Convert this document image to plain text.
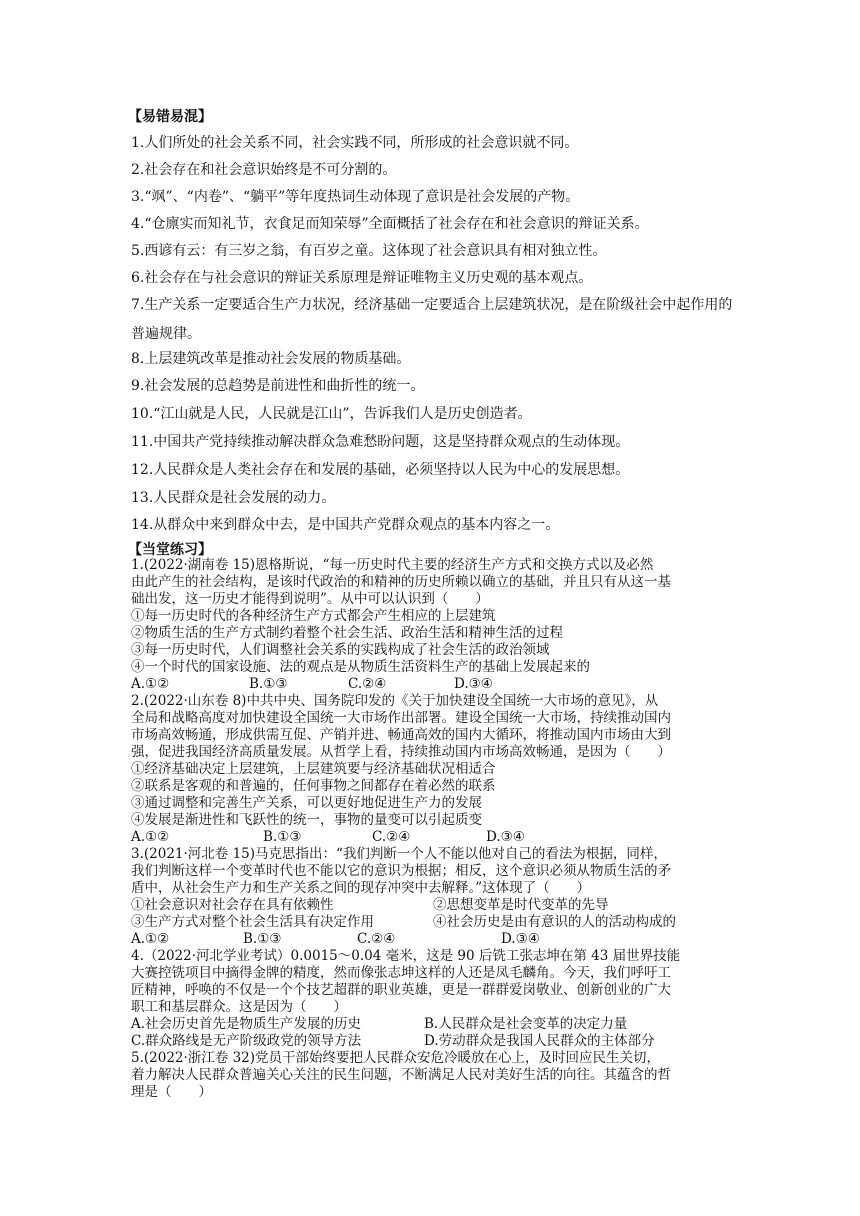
【易错易混】
1.人们所处的社会关系不同，社会实践不同，所形成的社会意识就不同。
2.社会存在和社会意识始终是不可分割的。
3.“飒”、“内卷”、“躺平”等年度热词生动体现了意识是社会发展的产物。
4.“仓廪实而知礼节，衣食足而知荣辱”全面概括了社会存在和社会意识的辩证关系。
5.西谚有云：有三岁之翁，有百岁之童。这体现了社会意识具有相对独立性。
6.社会存在与社会意识的辩证关系原理是辩证唯物主义历史观的基本观点。
7.生产关系一定要适合生产力状况，经济基础一定要适合上层建筑状况，是在阶级社会中起作用的普遍规律。
8.上层建筑改革是推动社会发展的物质基础。
9.社会发展的总趋势是前进性和曲折性的统一。
10.“江山就是人民，人民就是江山”，告诉我们人是历史创造者。
11.中国共产党持续推动解决群众急难愁盼问题，这是坚持群众观点的生动体现。
12.人民群众是人类社会存在和发展的基础，必须坚持以人民为中心的发展思想。
13.人民群众是社会发展的动力。
14.从群众中来到群众中去，是中国共产党群众观点的基本内容之一。
【当堂练习】
1.(2022·湖南卷 15)恩格斯说，“每一历史时代主要的经济生产方式和交换方式以及必然
由此产生的社会结构，是该时代政治的和精神的历史所赖以确立的基础，并且只有从这一基
础出发，这一历史才能得到说明”。从中可以认识到（　　）
①每一历史时代的各种经济生产方式都会产生相应的上层建筑
②物质生活的生产方式制约着整个社会生活、政治生活和精神生活的过程
③每一历史时代，人们调整社会关系的实践构成了社会生活的政治领域
④一个时代的国家设施、法的观点是从物质生活资料生产的基础上发展起来的
A.①②	B.①③	C.②④	D.③④
2.(2022·山东卷 8)中共中央、国务院印发的《关于加快建设全国统一大市场的意见》，从
全局和战略高度对加快建设全国统一大市场作出部署。建设全国统一大市场，持续推动国内
市场高效畅通，形成供需互促、产销并进、畅通高效的国内大循环，将推动国内市场由大到
强，促进我国经济高质量发展。从哲学上看，持续推动国内市场高效畅通，是因为（　　）
①经济基础决定上层建筑，上层建筑要与经济基础状况相适合
②联系是客观的和普遍的，任何事物之间都存在着必然的联系
③通过调整和完善生产关系，可以更好地促进生产力的发展
④发展是渐进性和飞跃性的统一，事物的量变可以引起质变
A.①②	B.①③	C.②④	D.③④
3.(2021·河北卷 15)马克思指出：“我们判断一个人不能以他对自己的看法为根据，同样，
我们判断这样一个变革时代也不能以它的意识为根据；相反，这个意识必须从物质生活的矛
盾中，从社会生产力和生产关系之间的现存冲突中去解释。”这体现了（　　）
①社会意识对社会存在具有依赖性	②思想变革是时代变革的先导
③生产方式对整个社会生活具有决定作用	④社会历史是由有意识的人的活动构成的
A.①②	B.①③	C.②④	D.③④
4.（2022·河北学业考试）0.0015～0.04 毫米，这是 90 后铣工张志坤在第 43 届世界技能
大赛控铣项目中摘得金牌的精度，然而像张志坤这样的人还是凤毛麟角。今天，我们呼吁工
匠精神，呼唤的不仅是一个个技艺超群的职业英雄，更是一群群爱岗敬业、创新创业的广大
职工和基层群众。这是因为（　　）
A.社会历史首先是物质生产发展的历史	B.人民群众是社会变革的决定力量
C.群众路线是无产阶级政党的领导方法	D.劳动群众是我国人民群众的主体部分
5.(2022·浙江卷 32)党员干部始终要把人民群众安危冷暖放在心上，及时回应民生关切，
着力解决人民群众普遍关心关注的民生问题，不断满足人民对美好生活的向往。其蕴含的哲
理是（　　）
